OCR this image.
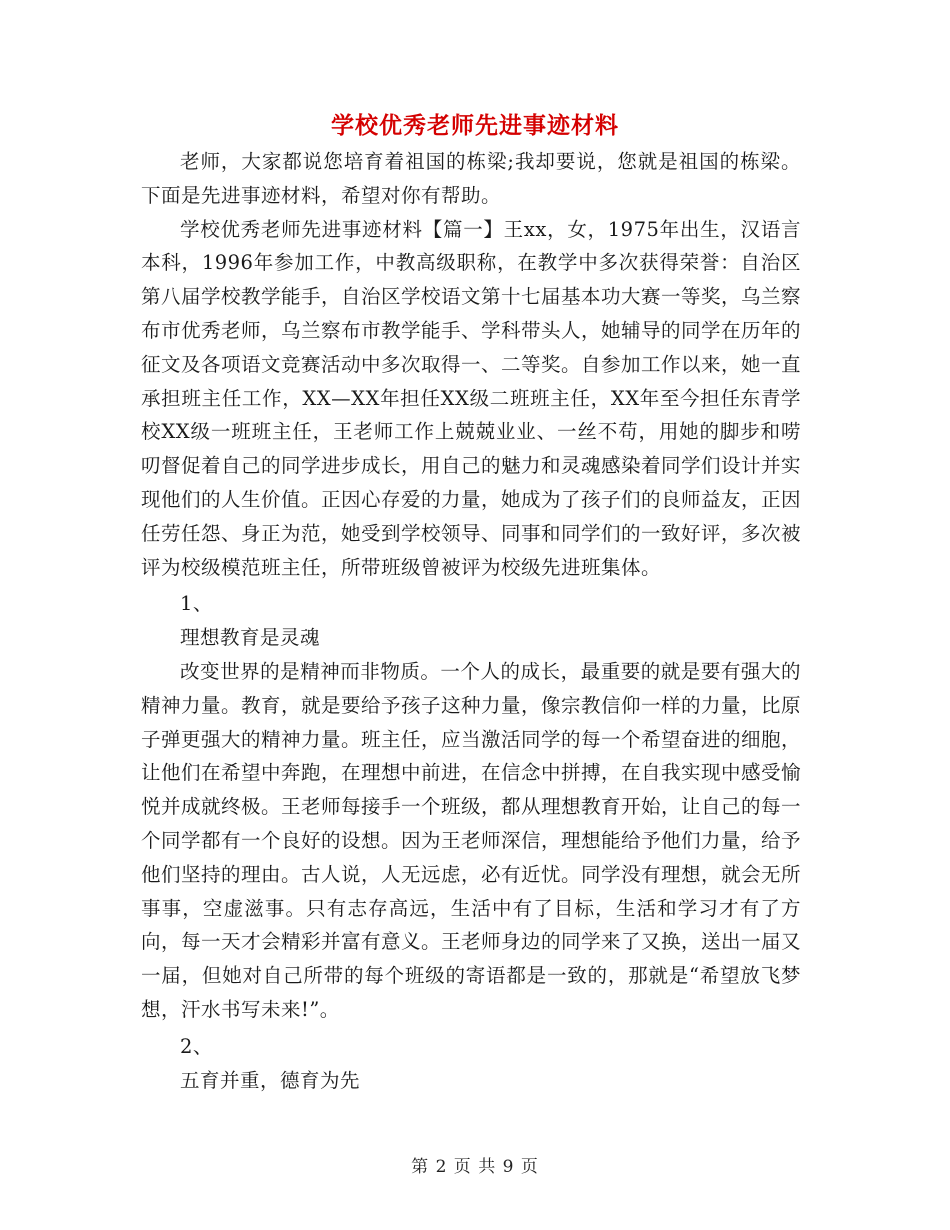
学校优秀老师先进事迹材料

老师，大家都说您培育着祖国的栋梁;我却要说，您就是祖国的栋梁。下面是先进事迹材料，希望对你有帮助。

学校优秀老师先进事迹材料【篇一】王xx，女，1975年出生，汉语言本科，1996年参加工作，中教高级职称，在教学中多次获得荣誉：自治区第八届学校教学能手，自治区学校语文第十七届基本功大赛一等奖，乌兰察布市优秀老师，乌兰察布市教学能手、学科带头人，她辅导的同学在历年的征文及各项语文竞赛活动中多次取得一、二等奖。自参加工作以来，她一直承担班主任工作，XX—XX年担任XX级二班班主任，XX年至今担任东青学校XX级一班班主任，王老师工作上兢兢业业、一丝不苟，用她的脚步和唠叨督促着自己的同学进步成长，用自己的魅力和灵魂感染着同学们设计并实现他们的人生价值。正因心存爱的力量，她成为了孩子们的良师益友，正因任劳任怨、身正为范，她受到学校领导、同事和同学们的一致好评，多次被评为校级模范班主任，所带班级曾被评为校级先进班集体。

1、

理想教育是灵魂

改变世界的是精神而非物质。一个人的成长，最重要的就是要有强大的精神力量。教育，就是要给予孩子这种力量，像宗教信仰一样的力量，比原子弹更强大的精神力量。班主任，应当激活同学的每一个希望奋进的细胞，让他们在希望中奔跑，在理想中前进，在信念中拼搏，在自我实现中感受愉悦并成就终极。王老师每接手一个班级，都从理想教育开始，让自己的每一个同学都有一个良好的设想。因为王老师深信，理想能给予他们力量，给予他们坚持的理由。古人说，人无远虑，必有近忧。同学没有理想，就会无所事事，空虚滋事。只有志存高远，生活中有了目标，生活和学习才有了方向，每一天才会精彩并富有意义。王老师身边的同学来了又换，送出一届又一届，但她对自己所带的每个班级的寄语都是一致的，那就是“希望放飞梦想，汗水书写未来!”。

2、

五育并重，德育为先

第 2 页 共 9 页
